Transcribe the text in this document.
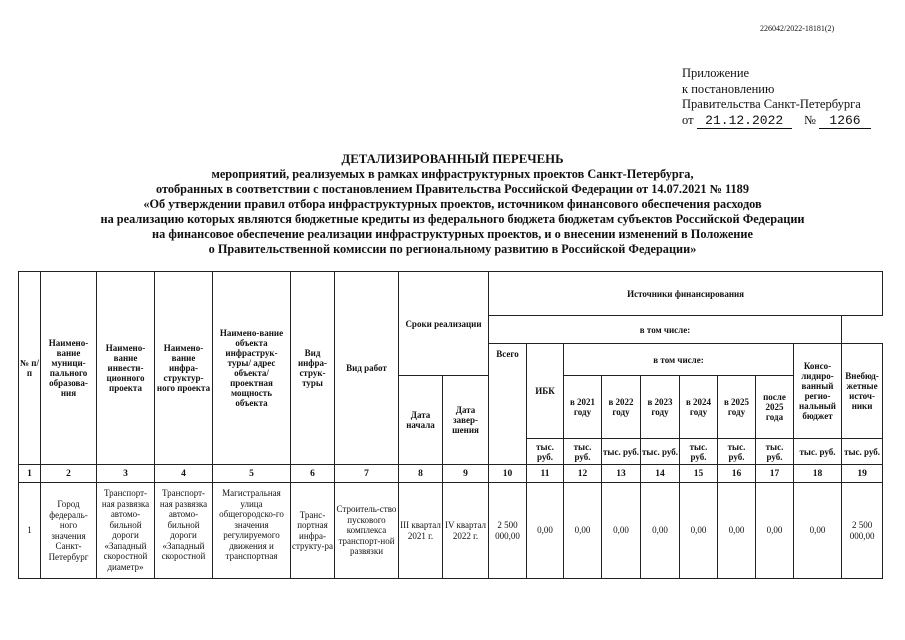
226042/2022-18181(2)
Приложение
к постановлению
Правительства Санкт-Петербурга
от 21.12.2022 № 1266
ДЕТАЛИЗИРОВАННЫЙ ПЕРЕЧЕНЬ
мероприятий, реализуемых в рамках инфраструктурных проектов Санкт-Петербурга,
отобранных в соответствии с постановлением Правительства Российской Федерации от 14.07.2021 № 1189
«Об утверждении правил отбора инфраструктурных проектов, источником финансового обеспечения расходов
на реализацию которых являются бюджетные кредиты из федерального бюджета бюджетам субъектов Российской Федерации
на финансовое обеспечение реализации инфраструктурных проектов, и о внесении изменений в Положение
о Правительственной комиссии по региональному развитию в Российской Федерации»
№ п/п	Наимено-вание муници-пального образова-ния	Наимено-вание инвести-ционного проекта	Наимено-вание инфра-структур-ного проекта	Наимено-вание объекта инфраструк-туры/ адрес объекта/ проектная мощность объекта	Вид инфра-струк-туры	Вид работ	Сроки реализации		Источники финансирования									
									в том числе:									
									Всего	ИБК	в том числе:						Консо-лидиро-ванный регио-нальный бюджет	Внебюд-жетные источ-ники
							Дата начала	Дата завер-шения			в 2021 году	в 2022 году	в 2023 году	в 2024 году	в 2025 году	после 2025 года		
										тыс. руб.	тыс. руб.	тыс. руб.	тыс. руб.	тыс. руб.	тыс. руб.	тыс. руб.	тыс. руб.	тыс. руб.
1	2	3	4	5	6	7	8	9	10	11	12	13	14	15	16	17	18	19
1	Город федераль-ного значения Санкт-Петербург	Транспорт-ная развязка автомо-бильной дороги «Западный скоростной диаметр»	Транспорт-ная развязка автомо-бильной дороги «Западный скоростной	Магистральная улица общегородско-го значения регулируемого движения и транспортная	Транс-портная инфра-структу-ра	Строитель-ство пускового комплекса транспорт-ной развязки	III квартал 2021 г.	IV квартал 2022 г.	2 500 000,00	0,00	0,00	0,00	0,00	0,00	0,00	0,00	0,00	2 500 000,00
